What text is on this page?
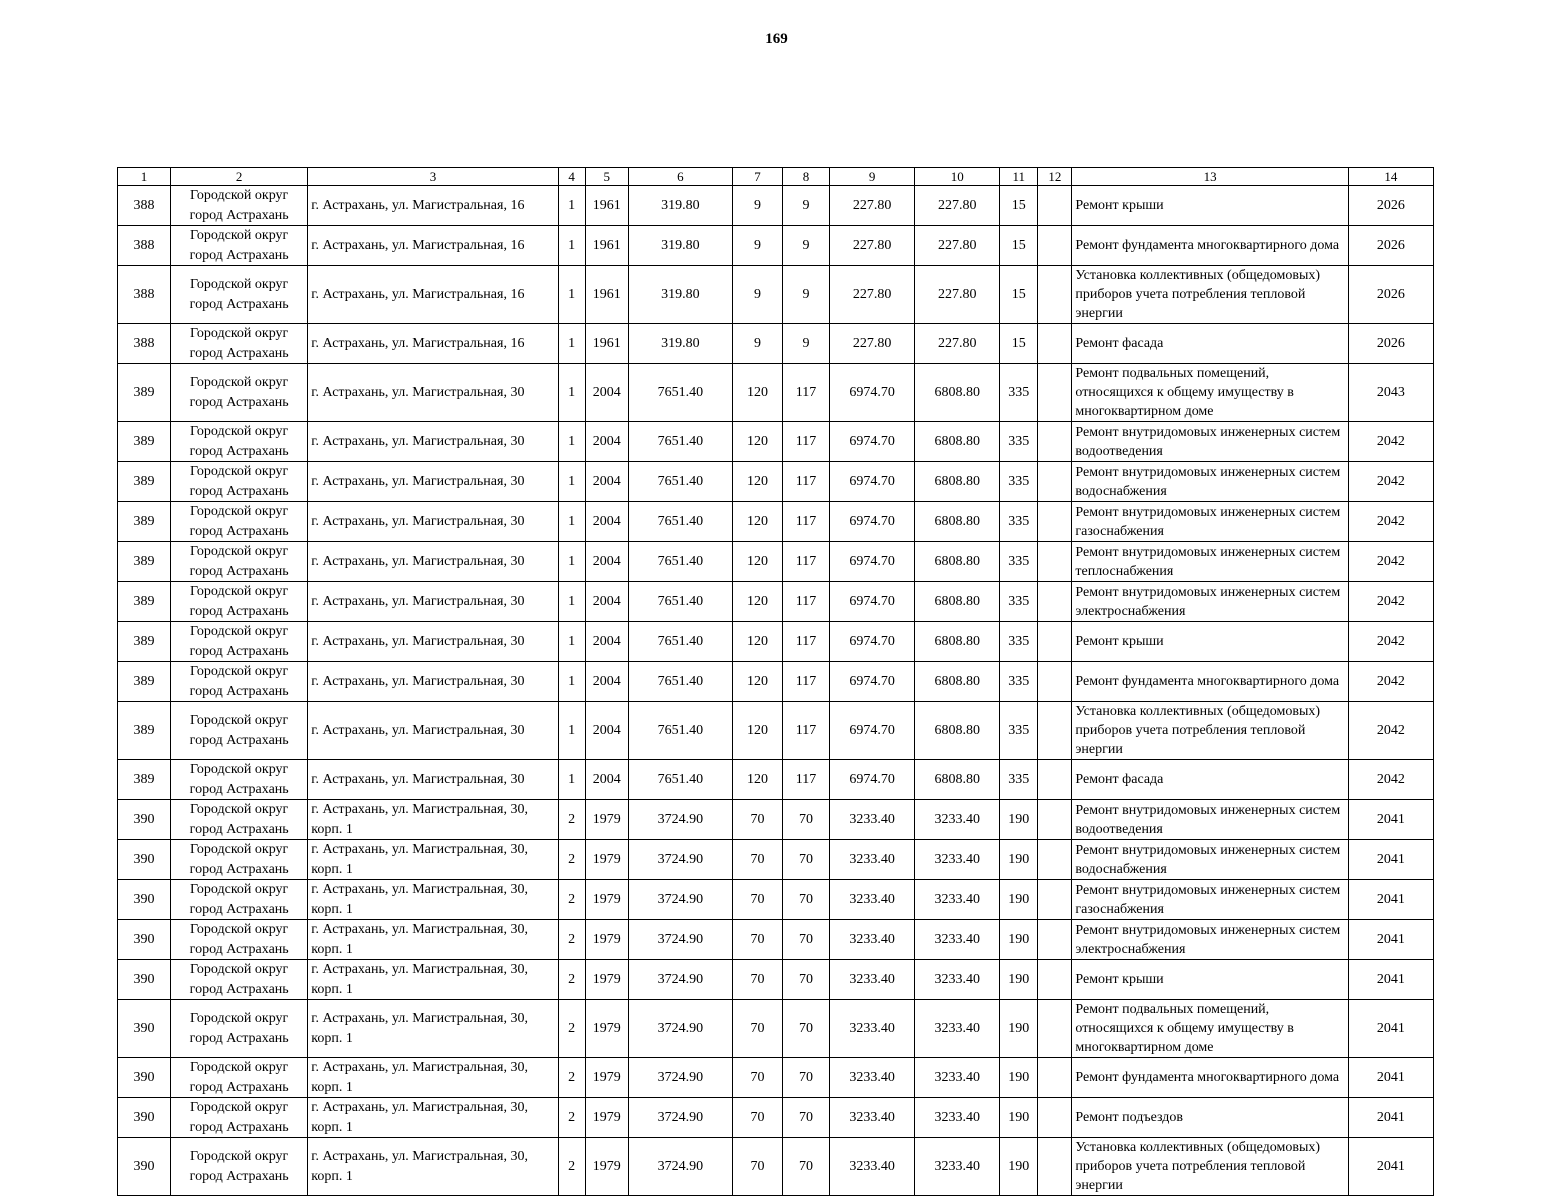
169
1	2	3	4	5	6	7	8	9	10	11	12	13	14
388	Городской округ город Астрахань	г. Астрахань, ул. Магистральная, 16	1	1961	319.80	9	9	227.80	227.80	15		Ремонт крыши	2026
388	Городской округ город Астрахань	г. Астрахань, ул. Магистральная, 16	1	1961	319.80	9	9	227.80	227.80	15		Ремонт фундамента многоквартирного дома	2026
388	Городской округ город Астрахань	г. Астрахань, ул. Магистральная, 16	1	1961	319.80	9	9	227.80	227.80	15		Установка коллективных (общедомовых) приборов учета потребления тепловой энергии	2026
388	Городской округ город Астрахань	г. Астрахань, ул. Магистральная, 16	1	1961	319.80	9	9	227.80	227.80	15		Ремонт фасада	2026
389	Городской округ город Астрахань	г. Астрахань, ул. Магистральная, 30	1	2004	7651.40	120	117	6974.70	6808.80	335		Ремонт подвальных помещений, относящихся к общему имуществу в многоквартирном доме	2043
389	Городской округ город Астрахань	г. Астрахань, ул. Магистральная, 30	1	2004	7651.40	120	117	6974.70	6808.80	335		Ремонт внутридомовых инженерных систем водоотведения	2042
389	Городской округ город Астрахань	г. Астрахань, ул. Магистральная, 30	1	2004	7651.40	120	117	6974.70	6808.80	335		Ремонт внутридомовых инженерных систем водоснабжения	2042
389	Городской округ город Астрахань	г. Астрахань, ул. Магистральная, 30	1	2004	7651.40	120	117	6974.70	6808.80	335		Ремонт внутридомовых инженерных систем газоснабжения	2042
389	Городской округ город Астрахань	г. Астрахань, ул. Магистральная, 30	1	2004	7651.40	120	117	6974.70	6808.80	335		Ремонт внутридомовых инженерных систем теплоснабжения	2042
389	Городской округ город Астрахань	г. Астрахань, ул. Магистральная, 30	1	2004	7651.40	120	117	6974.70	6808.80	335		Ремонт внутридомовых инженерных систем электроснабжения	2042
389	Городской округ город Астрахань	г. Астрахань, ул. Магистральная, 30	1	2004	7651.40	120	117	6974.70	6808.80	335		Ремонт крыши	2042
389	Городской округ город Астрахань	г. Астрахань, ул. Магистральная, 30	1	2004	7651.40	120	117	6974.70	6808.80	335		Ремонт фундамента многоквартирного дома	2042
389	Городской округ город Астрахань	г. Астрахань, ул. Магистральная, 30	1	2004	7651.40	120	117	6974.70	6808.80	335		Установка коллективных (общедомовых) приборов учета потребления тепловой энергии	2042
389	Городской округ город Астрахань	г. Астрахань, ул. Магистральная, 30	1	2004	7651.40	120	117	6974.70	6808.80	335		Ремонт фасада	2042
390	Городской округ город Астрахань	г. Астрахань, ул. Магистральная, 30, корп. 1	2	1979	3724.90	70	70	3233.40	3233.40	190		Ремонт внутридомовых инженерных систем водоотведения	2041
390	Городской округ город Астрахань	г. Астрахань, ул. Магистральная, 30, корп. 1	2	1979	3724.90	70	70	3233.40	3233.40	190		Ремонт внутридомовых инженерных систем водоснабжения	2041
390	Городской округ город Астрахань	г. Астрахань, ул. Магистральная, 30, корп. 1	2	1979	3724.90	70	70	3233.40	3233.40	190		Ремонт внутридомовых инженерных систем газоснабжения	2041
390	Городской округ город Астрахань	г. Астрахань, ул. Магистральная, 30, корп. 1	2	1979	3724.90	70	70	3233.40	3233.40	190		Ремонт внутридомовых инженерных систем электроснабжения	2041
390	Городской округ город Астрахань	г. Астрахань, ул. Магистральная, 30, корп. 1	2	1979	3724.90	70	70	3233.40	3233.40	190		Ремонт крыши	2041
390	Городской округ город Астрахань	г. Астрахань, ул. Магистральная, 30, корп. 1	2	1979	3724.90	70	70	3233.40	3233.40	190		Ремонт подвальных помещений, относящихся к общему имуществу в многоквартирном доме	2041
390	Городской округ город Астрахань	г. Астрахань, ул. Магистральная, 30, корп. 1	2	1979	3724.90	70	70	3233.40	3233.40	190		Ремонт фундамента многоквартирного дома	2041
390	Городской округ город Астрахань	г. Астрахань, ул. Магистральная, 30, корп. 1	2	1979	3724.90	70	70	3233.40	3233.40	190		Ремонт подъездов	2041
390	Городской округ город Астрахань	г. Астрахань, ул. Магистральная, 30, корп. 1	2	1979	3724.90	70	70	3233.40	3233.40	190		Установка коллективных (общедомовых) приборов учета потребления тепловой энергии	2041
